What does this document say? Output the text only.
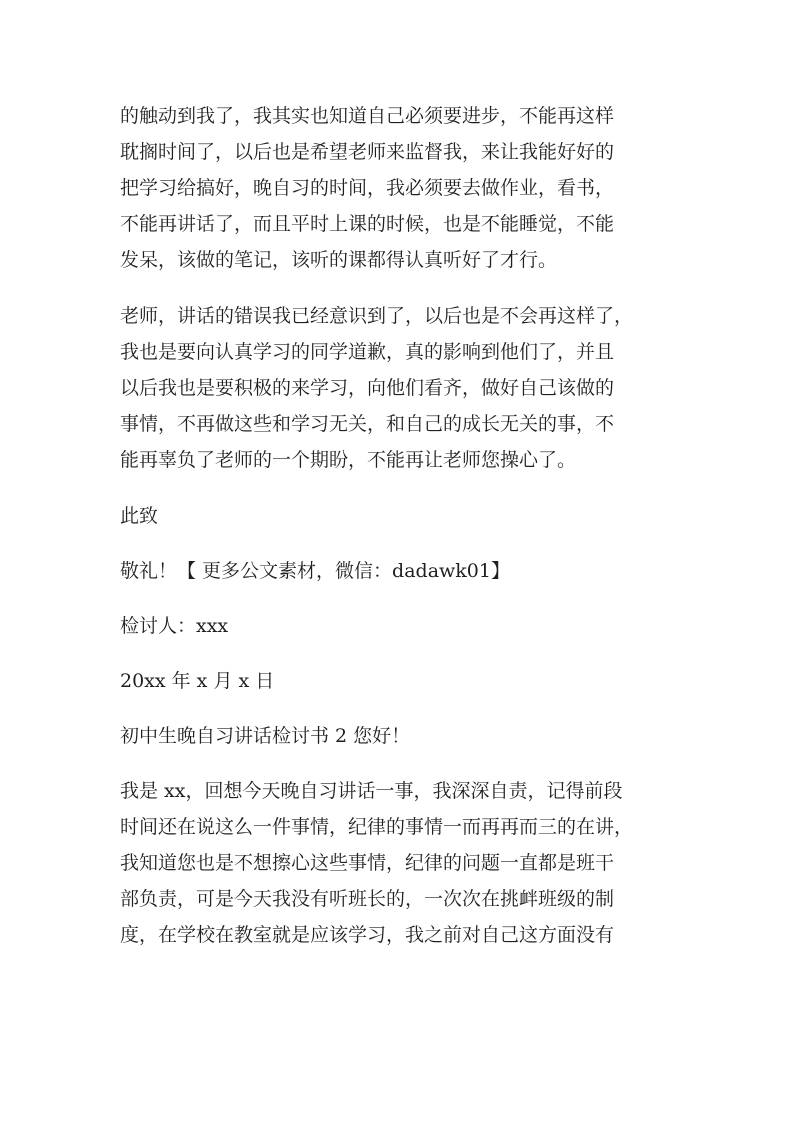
的触动到我了，我其实也知道自己必须要进步，不能再这样
耽搁时间了，以后也是希望老师来监督我，来让我能好好的
把学习给搞好，晚自习的时间，我必须要去做作业，看书，
不能再讲话了，而且平时上课的时候，也是不能睡觉，不能
发呆，该做的笔记，该听的课都得认真听好了才行。
老师，讲话的错误我已经意识到了，以后也是不会再这样了，
我也是要向认真学习的同学道歉，真的影响到他们了，并且
以后我也是要积极的来学习，向他们看齐，做好自己该做的
事情，不再做这些和学习无关，和自己的成长无关的事，不
能再辜负了老师的一个期盼，不能再让老师您操心了。
此致
敬礼！【 更多公文素材，微信：dadawk01】
检讨人：xxx
20xx 年 x 月 x 日
初中生晚自习讲话检讨书 2 您好！
我是 xx，回想今天晚自习讲话一事，我深深自责，记得前段
时间还在说这么一件事情，纪律的事情一而再再而三的在讲，
我知道您也是不想擦心这些事情，纪律的问题一直都是班干
部负责，可是今天我没有听班长的，一次次在挑衅班级的制
度，在学校在教室就是应该学习，我之前对自己这方面没有
